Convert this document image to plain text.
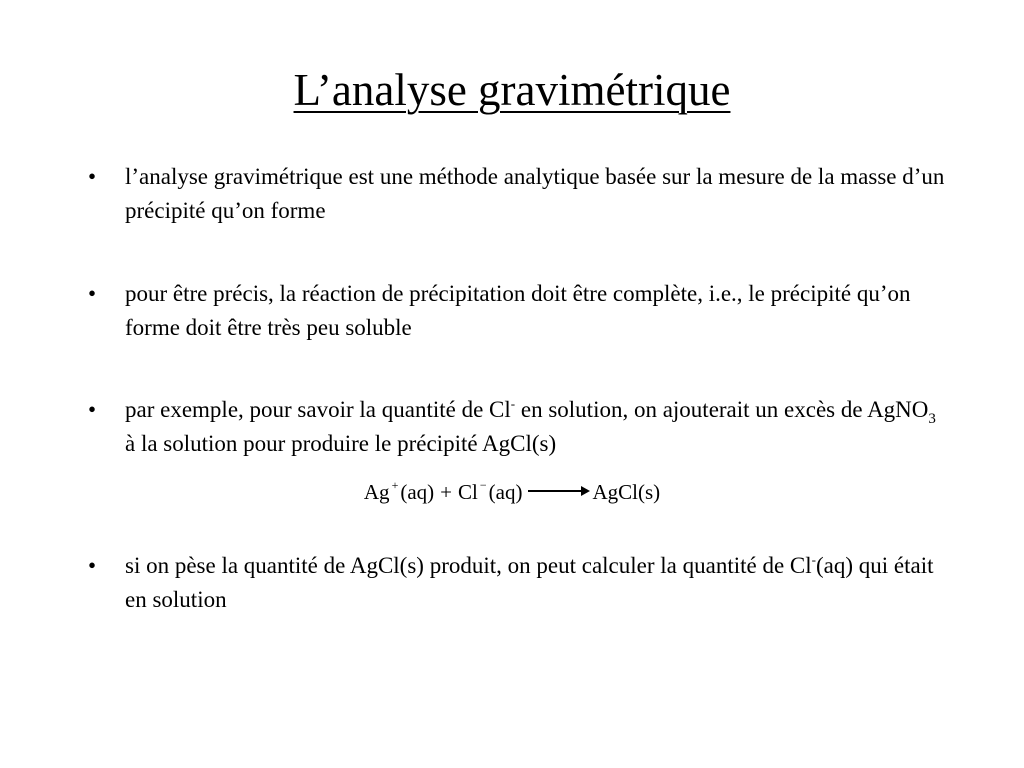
L’analyse gravimétrique
•	l’analyse gravimétrique est une méthode analytique basée sur la mesure de la masse d’un précipité qu’on forme
•	pour être précis, la réaction de précipitation doit être complète, i.e., le précipité qu’on forme doit être très peu soluble
•	par exemple, pour savoir la quantité de Cl- en solution, on ajouterait un excès de AgNO$_3$ à la solution pour produire le précipité AgCl(s)
Ag +(aq) + Cl −(aq)	AgCl(s)
•	si on pèse la quantité de AgCl(s) produit, on peut calculer la quantité de Cl-(aq) qui était en solution
